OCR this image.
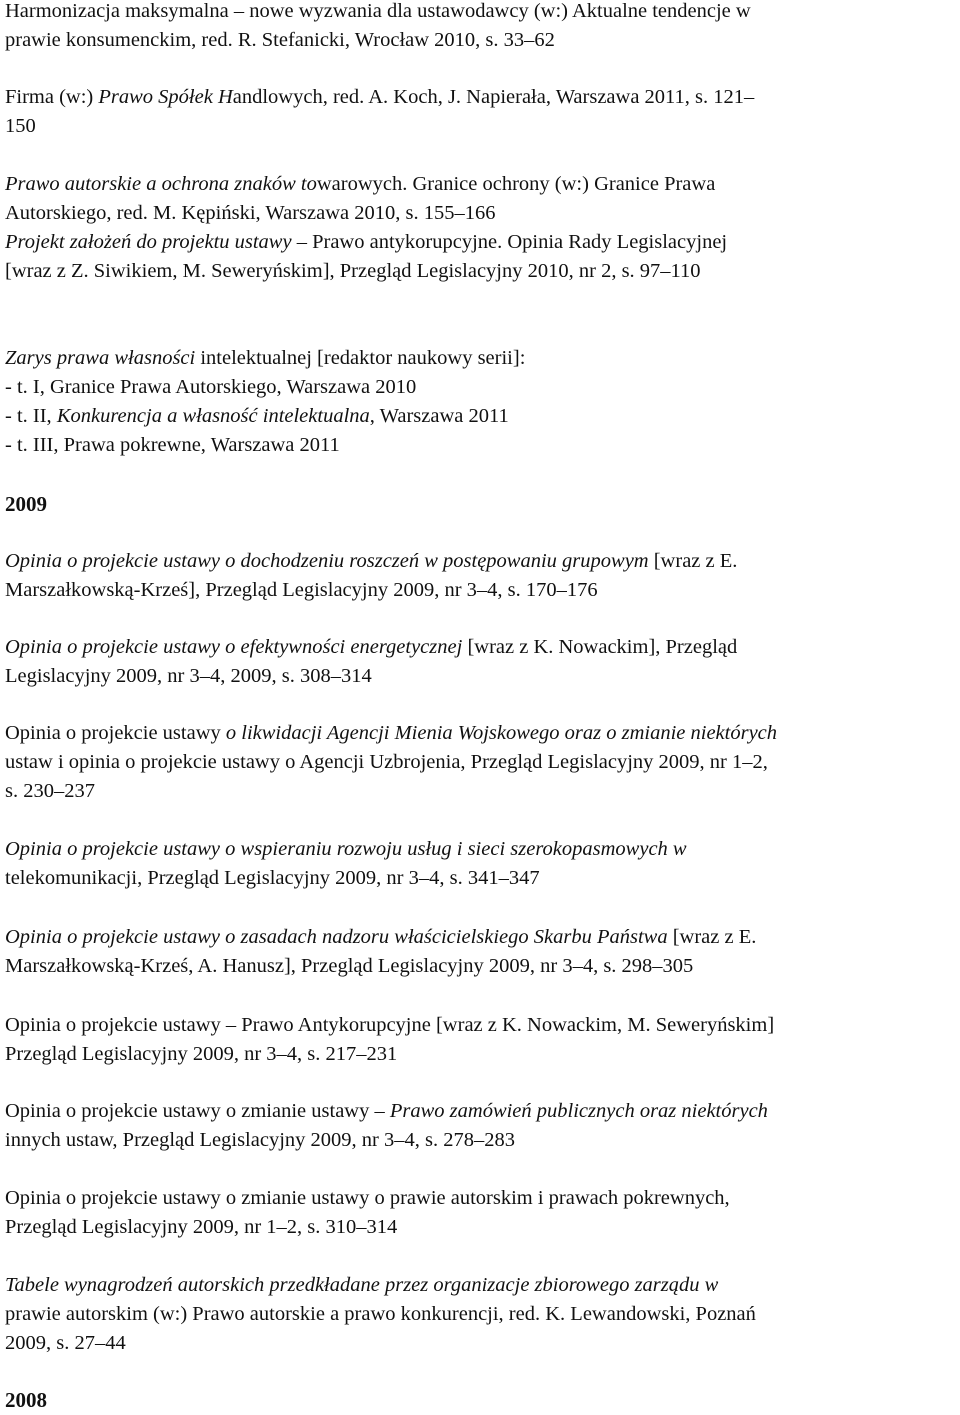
Harmonizacja maksymalna – nowe wyzwania dla ustawodawcy (w:) Aktualne tendencje w
prawie konsumenckim, red. R. Stefanicki, Wrocław 2010, s. 33–62
Firma (w:) Prawo Spółek Handlowych, red. A. Koch, J. Napierała, Warszawa 2011, s. 121–
150
Prawo autorskie a ochrona znaków towarowych. Granice ochrony (w:) Granice Prawa
Autorskiego, red. M. Kępiński, Warszawa 2010, s. 155–166
Projekt założeń do projektu ustawy – Prawo antykorupcyjne. Opinia Rady Legislacyjnej
[wraz z Z. Siwikiem, M. Seweryńskim], Przegląd Legislacyjny 2010, nr 2, s. 97–110
Zarys prawa własności intelektualnej [redaktor naukowy serii]:
- t. I, Granice Prawa Autorskiego, Warszawa 2010
- t. II, Konkurencja a własność intelektualna, Warszawa 2011
- t. III, Prawa pokrewne, Warszawa 2011
2009
Opinia o projekcie ustawy o dochodzeniu roszczeń w postępowaniu grupowym [wraz z E.
Marszałkowską-Krześ], Przegląd Legislacyjny 2009, nr 3–4, s. 170–176
Opinia o projekcie ustawy o efektywności energetycznej [wraz z K. Nowackim], Przegląd
Legislacyjny 2009, nr 3–4, 2009, s. 308–314
Opinia o projekcie ustawy o likwidacji Agencji Mienia Wojskowego oraz o zmianie niektórych
ustaw i opinia o projekcie ustawy o Agencji Uzbrojenia, Przegląd Legislacyjny 2009, nr 1–2,
s. 230–237
Opinia o projekcie ustawy o wspieraniu rozwoju usług i sieci szerokopasmowych w
telekomunikacji, Przegląd Legislacyjny 2009, nr 3–4, s. 341–347
Opinia o projekcie ustawy o zasadach nadzoru właścicielskiego Skarbu Państwa [wraz z E.
Marszałkowską-Krześ, A. Hanusz], Przegląd Legislacyjny 2009, nr 3–4, s. 298–305
Opinia o projekcie ustawy – Prawo Antykorupcyjne [wraz z K. Nowackim, M. Seweryńskim]
Przegląd Legislacyjny 2009, nr 3–4, s. 217–231
Opinia o projekcie ustawy o zmianie ustawy – Prawo zamówień publicznych oraz niektórych
innych ustaw, Przegląd Legislacyjny 2009, nr 3–4, s. 278–283
Opinia o projekcie ustawy o zmianie ustawy o prawie autorskim i prawach pokrewnych,
Przegląd Legislacyjny 2009, nr 1–2, s. 310–314
Tabele wynagrodzeń autorskich przedkładane przez organizacje zbiorowego zarządu w
prawie autorskim (w:) Prawo autorskie a prawo konkurencji, red. K. Lewandowski, Poznań
2009, s. 27–44
2008
